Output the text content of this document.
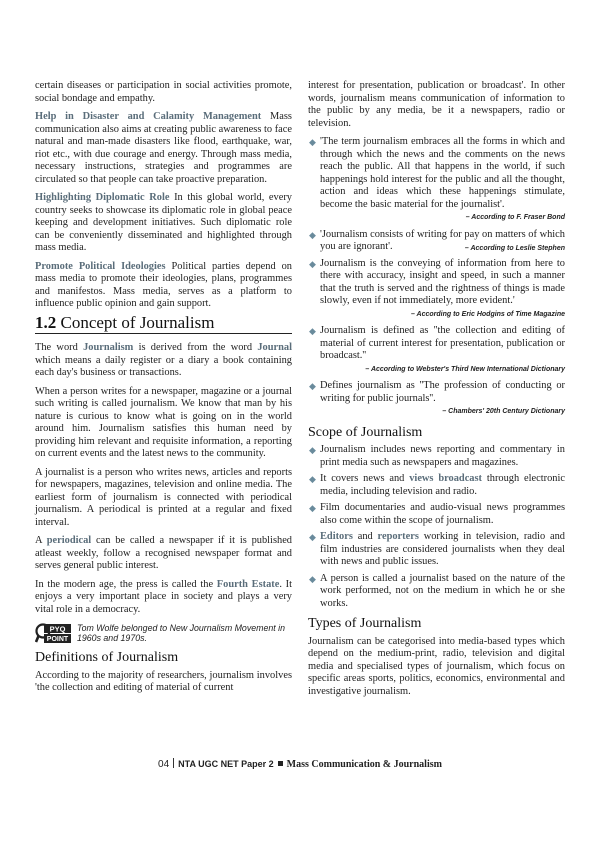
certain diseases or participation in social activities promote, social bondage and empathy.

Help in Disaster and Calamity Management Mass communication also aims at creating public awareness to face natural and man-made disasters like flood, earthquake, war, riot etc., with due courage and energy. Through mass media, necessary instructions, strategies and programmes are circulated so that people can take proactive preparation.

Highlighting Diplomatic Role In this global world, every country seeks to showcase its diplomatic role in global peace keeping and development initiatives. Such diplomatic role can be conveniently disseminated and highlighted through mass media.

Promote Political Ideologies Political parties depend on mass media to promote their ideologies, plans, programmes and manifestos. Mass media, serves as a platform to influence public opinion and gain support.

1.2 Concept of Journalism

The word Journalism is derived from the word Journal which means a daily register or a diary a book containing each day's business or transactions.

When a person writes for a newspaper, magazine or a journal such writing is called journalism. We know that man by his nature is curious to know what is going on in the world around him. Journalism satisfies this human need by providing him relevant and requisite information, a reporting on current events and the latest news to the community.

A journalist is a person who writes news, articles and reports for newspapers, magazines, television and online media. The earliest form of journalism is connected with periodical journalism. A periodical is printed at a regular and fixed interval.

A periodical can be called a newspaper if it is published atleast weekly, follow a recognised newspaper format and serves general public interest.

In the modern age, the press is called the Fourth Estate. It enjoys a very important place in society and plays a very vital role in a democracy.

PYQ
POINT
Tom Wolfe belonged to New Journalism Movement in 1960s and 1970s.
Definitions of Journalism

According to the majority of researchers, journalism involves 'the collection and editing of material of current

interest for presentation, publication or broadcast'. In other words, journalism means communication of information to the public by any media, be it a newspapers, radio or television.

◆ 'The term journalism embraces all the forms in which and through which the news and the comments on the news reach the public. All that happens in the world, if such happenings hold interest for the public and all the thought, action and ideas which these happenings stimulate, become the basic material for the journalist'.
– According to F. Fraser Bond
◆ 'Journalism consists of writing for pay on matters of which you are ignorant'.	– According to Leslie Stephen
◆ Journalism is the conveying of information from here to there with accuracy, insight and speed, in such a manner that the truth is served and the rightness of things is made slowly, even if not immediately, more evident.'
– According to Eric Hodgins of Time Magazine
◆ Journalism is defined as ''the collection and editing of material of current interest for presentation, publication or broadcast.''
– According to Webster's Third New International Dictionary
◆ Defines journalism as ''The profession of conducting or writing for public journals''.
– Chambers' 20th Century Dictionary
Scope of Journalism
◆ Journalism includes news reporting and commentary in print media such as newspapers and magazines.
◆ It covers news and views broadcast through electronic media, including television and radio.
◆ Film documentaries and audio-visual news programmes also come within the scope of journalism.
◆ Editors and reporters working in television, radio and film industries are considered journalists when they deal with news and public issues.
◆ A person is called a journalist based on the nature of the work performed, not on the medium in which he or she works.
Types of Journalism

Journalism can be categorised into media-based types which depend on the medium-print, radio, television and digital media and specialised types of journalism, which focus on specific areas sports, politics, economics, environmental and investigative journalism.

04 NTA UGC NET Paper 2 Mass Communication & Journalism
